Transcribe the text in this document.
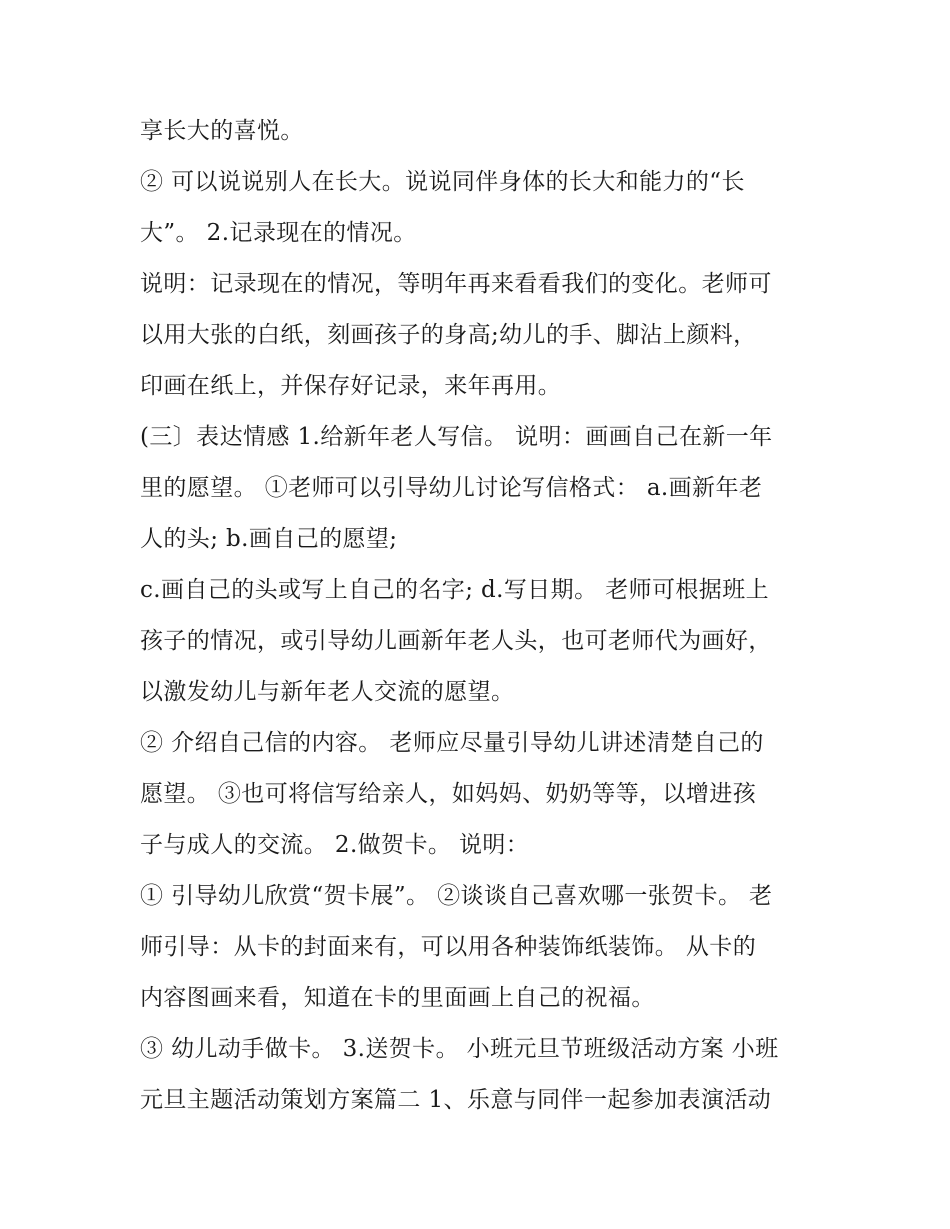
享长大的喜悦。
② 可以说说别人在长大。说说同伴身体的长大和能力的“长
大”。 2.记录现在的情况。
说明：记录现在的情况，等明年再来看看我们的变化。老师可
以用大张的白纸，刻画孩子的身高;幼儿的手、脚沾上颜料，
印画在纸上，并保存好记录，来年再用。
(三〕表达情感 1.给新年老人写信。 说明：画画自己在新一年
里的愿望。 ①老师可以引导幼儿讨论写信格式： a.画新年老
人的头; b.画自己的愿望;
c.画自己的头或写上自己的名字; d.写日期。 老师可根据班上
孩子的情况，或引导幼儿画新年老人头，也可老师代为画好，
以激发幼儿与新年老人交流的愿望。
② 介绍自己信的内容。 老师应尽量引导幼儿讲述清楚自己的
愿望。 ③也可将信写给亲人，如妈妈、奶奶等等，以增进孩
子与成人的交流。 2.做贺卡。 说明：
① 引导幼儿欣赏“贺卡展”。 ②谈谈自己喜欢哪一张贺卡。 老
师引导：从卡的封面来有，可以用各种装饰纸装饰。 从卡的
内容图画来看，知道在卡的里面画上自己的祝福。
③ 幼儿动手做卡。 3.送贺卡。 小班元旦节班级活动方案 小班
元旦主题活动策划方案篇二 1、乐意与同伴一起参加表演活动
